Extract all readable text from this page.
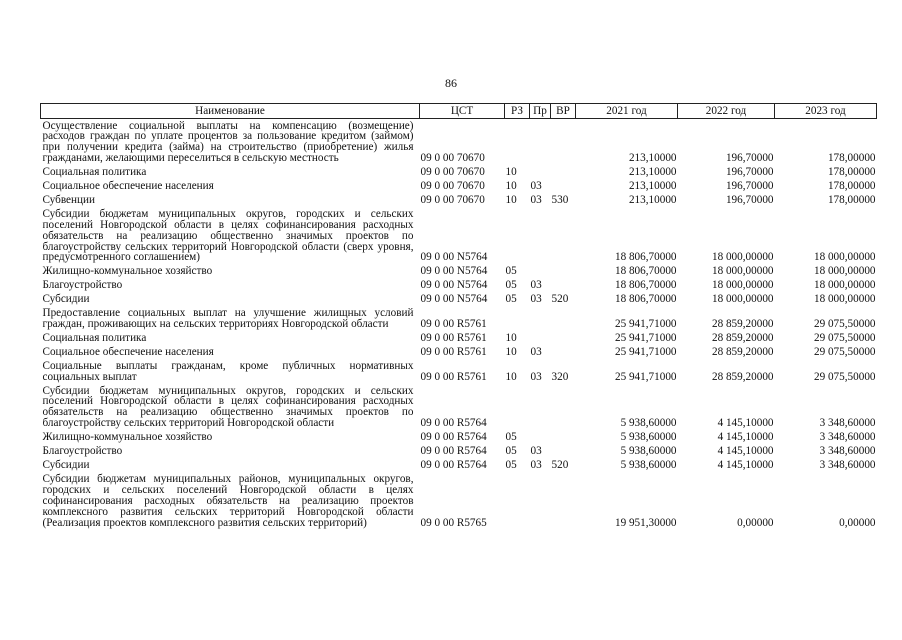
86
Наименование	ЦСТ	РЗ	Пр	ВР	2021 год	2022 год	2023 год
Осуществление социальной выплаты на компенсацию (возмещение) расходов граждан по уплате процентов за пользование кредитом (займом) при получении кредита (займа) на строительство (приобретение) жилья гражданами, желающими переселиться в сельскую местность	09 0 00 70670				213,10000	196,70000	178,00000
Социальная политика	09 0 00 70670	10			213,10000	196,70000	178,00000
Социальное обеспечение населения	09 0 00 70670	10	03		213,10000	196,70000	178,00000
Субвенции	09 0 00 70670	10	03	530	213,10000	196,70000	178,00000
Субсидии бюджетам муниципальных округов, городских и сельских поселений Новгородской области в целях софинансирования расходных обязательств на реализацию общественно значимых проектов по благоустройству сельских территорий Новгородской области (сверх уровня, предусмотренного соглашением)	09 0 00 N5764				18 806,70000	18 000,00000	18 000,00000
Жилищно-коммунальное хозяйство	09 0 00 N5764	05			18 806,70000	18 000,00000	18 000,00000
Благоустройство	09 0 00 N5764	05	03		18 806,70000	18 000,00000	18 000,00000
Субсидии	09 0 00 N5764	05	03	520	18 806,70000	18 000,00000	18 000,00000
Предоставление социальных выплат на улучшение жилищных условий граждан, проживающих на сельских территориях Новгородской области	09 0 00 R5761				25 941,71000	28 859,20000	29 075,50000
Социальная политика	09 0 00 R5761	10			25 941,71000	28 859,20000	29 075,50000
Социальное обеспечение населения	09 0 00 R5761	10	03		25 941,71000	28 859,20000	29 075,50000
Социальные выплаты гражданам, кроме публичных нормативных социальных выплат	09 0 00 R5761	10	03	320	25 941,71000	28 859,20000	29 075,50000
Субсидии бюджетам муниципальных округов, городских и сельских поселений Новгородской области в целях софинансирования расходных обязательств на реализацию общественно значимых проектов по благоустройству сельских территорий Новгородской области	09 0 00 R5764				5 938,60000	4 145,10000	3 348,60000
Жилищно-коммунальное хозяйство	09 0 00 R5764	05			5 938,60000	4 145,10000	3 348,60000
Благоустройство	09 0 00 R5764	05	03		5 938,60000	4 145,10000	3 348,60000
Субсидии	09 0 00 R5764	05	03	520	5 938,60000	4 145,10000	3 348,60000
Субсидии бюджетам муниципальных районов, муниципальных округов, городских и сельских поселений Новгородской области в целях софинансирования расходных обязательств на реализацию проектов комплексного развития сельских территорий Новгородской области (Реализация проектов комплексного развития сельских территорий)	09 0 00 R5765				19 951,30000	0,00000	0,00000
